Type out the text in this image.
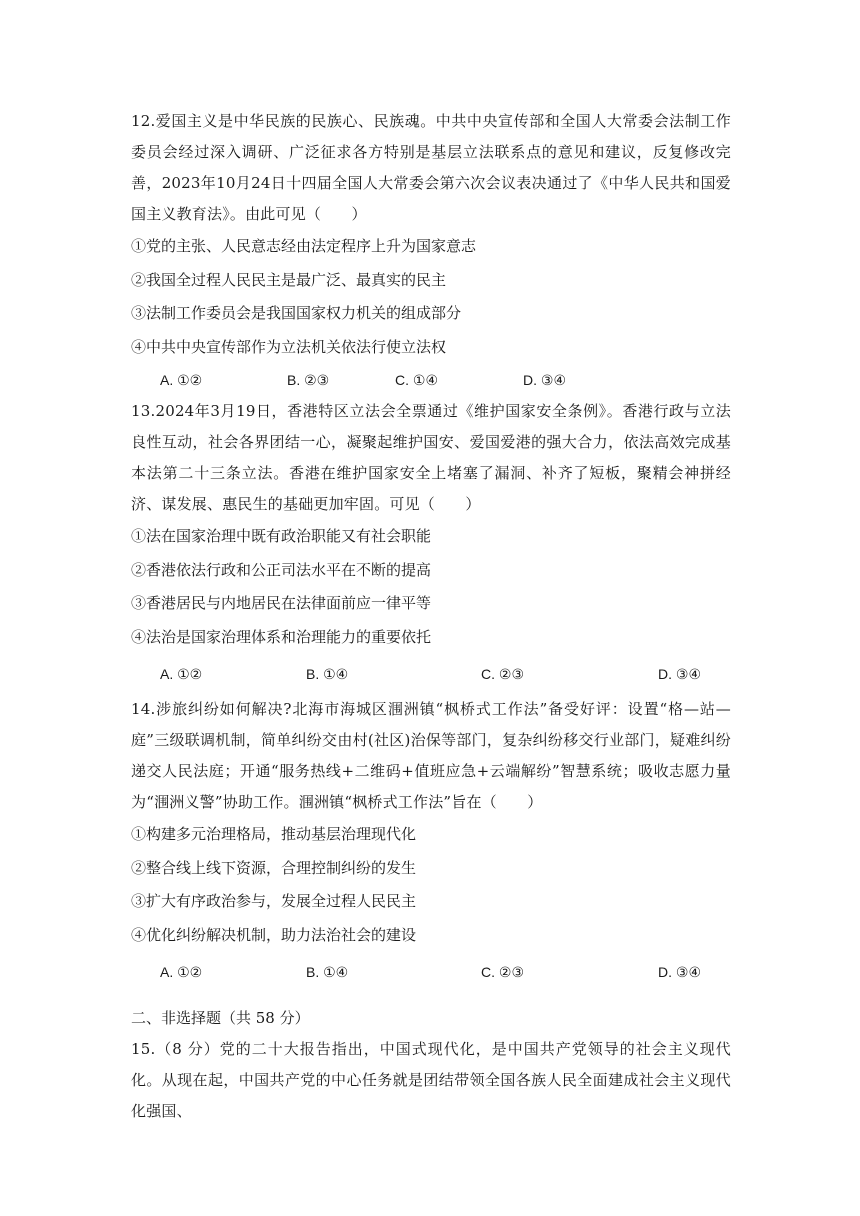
12.爱国主义是中华民族的民族心、民族魂。中共中央宣传部和全国人大常委会法制工作委员会经过深入调研、广泛征求各方特别是基层立法联系点的意见和建议，反复修改完善，2023年10月24日十四届全国人大常委会第六次会议表决通过了《中华人民共和国爱国主义教育法》。由此可见（　　）

①党的主张、人民意志经由法定程序上升为国家意志

②我国全过程人民民主是最广泛、最真实的民主

③法制工作委员会是我国国家权力机关的组成部分

④中共中央宣传部作为立法机关依法行使立法权

A. ①②	B. ②③	C. ①④	D. ③④

13.2024年3月19日，香港特区立法会全票通过《维护国家安全条例》。香港行政与立法良性互动，社会各界团结一心，凝聚起维护国安、爱国爱港的强大合力，依法高效完成基本法第二十三条立法。香港在维护国家安全上堵塞了漏洞、补齐了短板，聚精会神拼经济、谋发展、惠民生的基础更加牢固。可见（　　）

①法在国家治理中既有政治职能又有社会职能

②香港依法行政和公正司法水平在不断的提高

③香港居民与内地居民在法律面前应一律平等

④法治是国家治理体系和治理能力的重要依托

A. ①②	B. ①④	C. ②③	D. ③④

14.涉旅纠纷如何解决?北海市海城区涠洲镇“枫桥式工作法”备受好评：设置“格—站—庭”三级联调机制，简单纠纷交由村(社区)治保等部门，复杂纠纷移交行业部门，疑难纠纷递交人民法庭；开通“服务热线+二维码+值班应急+云端解纷”智慧系统；吸收志愿力量为“涠洲义警”协助工作。涠洲镇“枫桥式工作法”旨在（　　）

①构建多元治理格局，推动基层治理现代化

②整合线上线下资源，合理控制纠纷的发生

③扩大有序政治参与，发展全过程人民民主

④优化纠纷解决机制，助力法治社会的建设

A. ①②	B. ①④	C. ②③	D. ③④
二、非选择题（共 58 分）

15.（8 分）党的二十大报告指出，中国式现代化，是中国共产党领导的社会主义现代化。从现在起，中国共产党的中心任务就是团结带领全国各族人民全面建成社会主义现代化强国、
